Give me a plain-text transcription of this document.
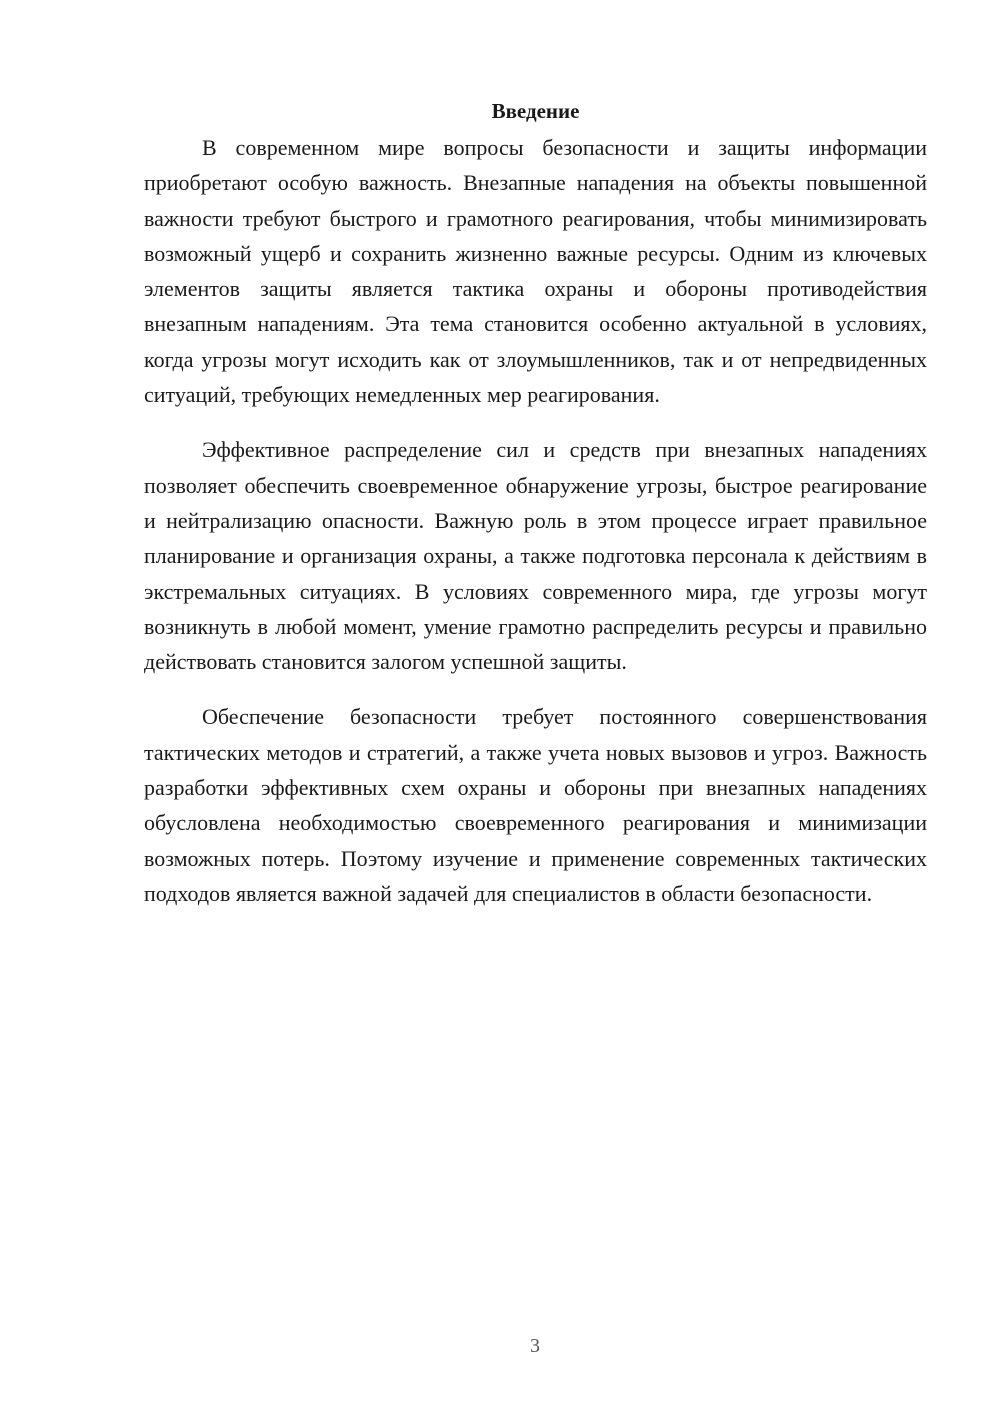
Введение

В современном мире вопросы безопасности и защиты информации приобретают особую важность. Внезапные нападения на объекты повышенной важности требуют быстрого и грамотного реагирования, чтобы минимизировать возможный ущерб и сохранить жизненно важные ресурсы. Одним из ключевых элементов защиты является тактика охраны и обороны противодействия внезапным нападениям. Эта тема становится особенно актуальной в условиях, когда угрозы могут исходить как от злоумышленников, так и от непредвиденных ситуаций, требующих немедленных мер реагирования.

Эффективное распределение сил и средств при внезапных нападениях позволяет обеспечить своевременное обнаружение угрозы, быстрое реагирование и нейтрализацию опасности. Важную роль в этом процессе играет правильное планирование и организация охраны, а также подготовка персонала к действиям в экстремальных ситуациях. В условиях современного мира, где угрозы могут возникнуть в любой момент, умение грамотно распределить ресурсы и правильно действовать становится залогом успешной защиты.

Обеспечение безопасности требует постоянного совершенствования тактических методов и стратегий, а также учета новых вызовов и угроз. Важность разработки эффективных схем охраны и обороны при внезапных нападениях обусловлена необходимостью своевременного реагирования и минимизации возможных потерь. Поэтому изучение и применение современных тактических подходов является важной задачей для специалистов в области безопасности.

3
